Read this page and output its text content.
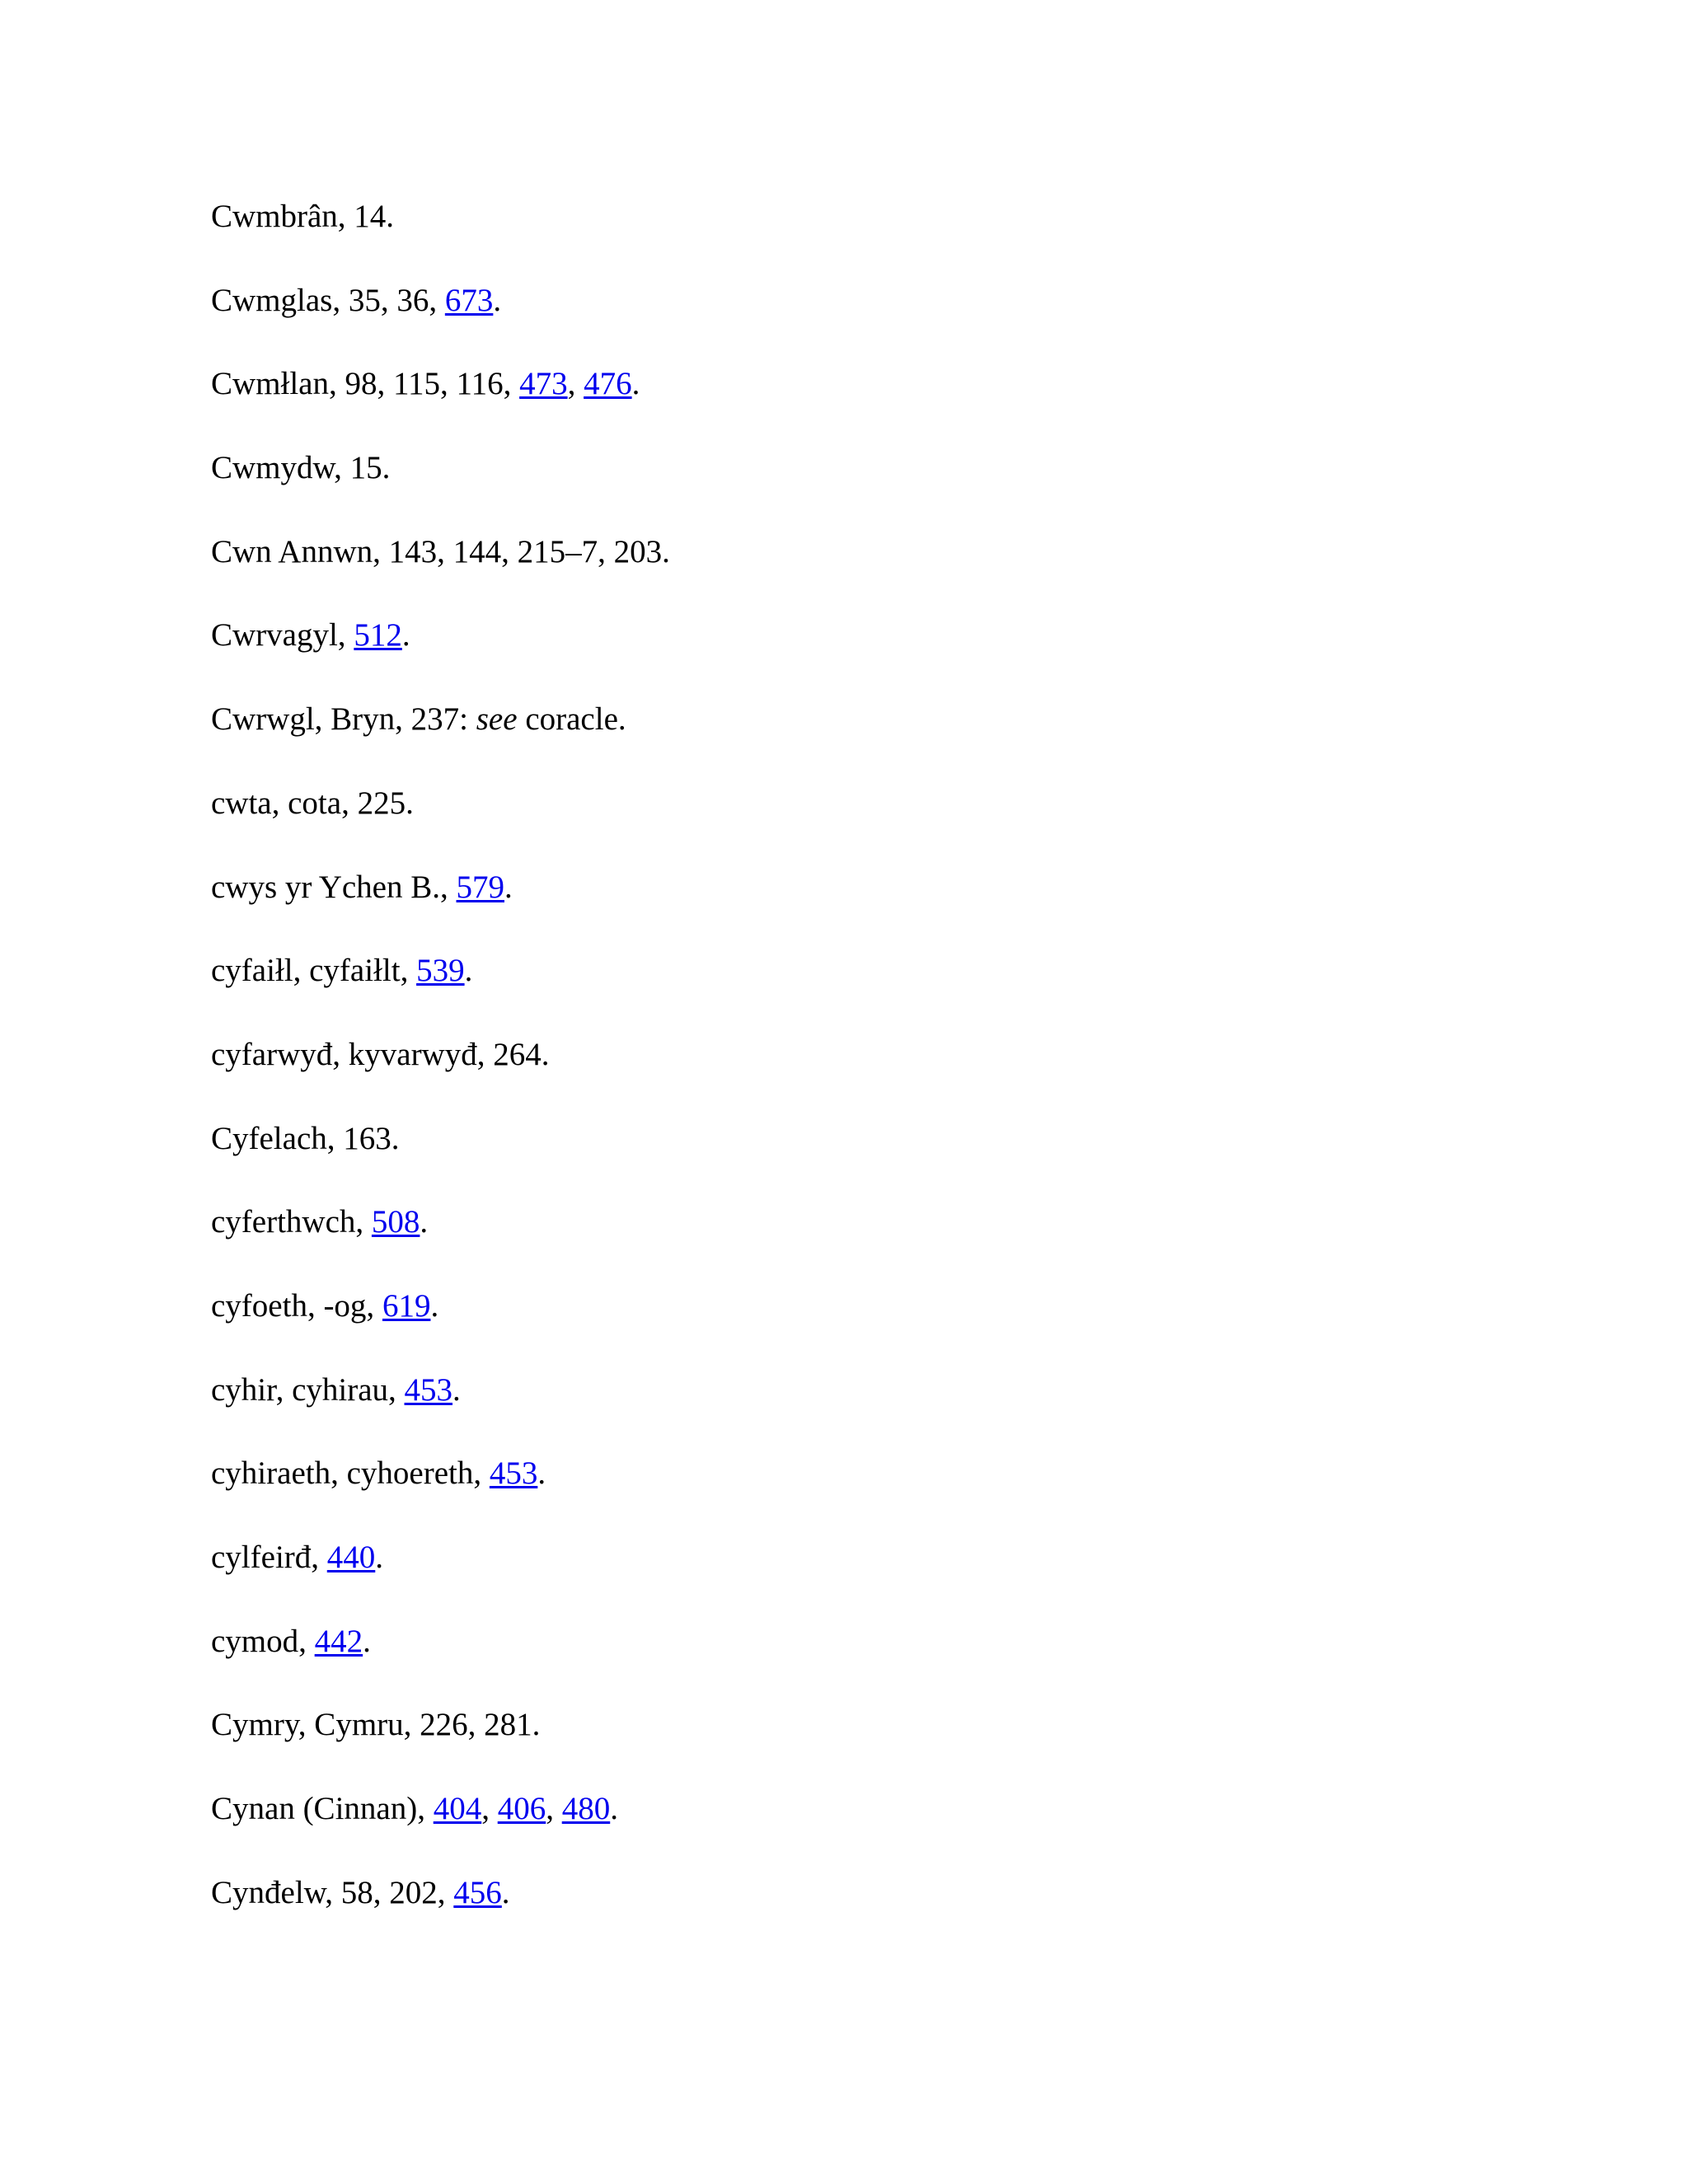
Cwmbrân, 14.
Cwmglas, 35, 36, 673.
Cwmłlan, 98, 115, 116, 473, 476.
Cwmydw, 15.
Cwn Annwn, 143, 144, 215–7, 203.
Cwrvagyl, 512.
Cwrwgl, Bryn, 237: see coracle.
cwta, cota, 225.
cwys yr Ychen B., 579.
cyfaiłl, cyfaiłlt, 539.
cyfarwyđ, kyvarwyđ, 264.
Cyfelach, 163.
cyferthwch, 508.
cyfoeth, -og, 619.
cyhir, cyhirau, 453.
cyhiraeth, cyhoereth, 453.
cylfeirđ, 440.
cymod, 442.
Cymry, Cymru, 226, 281.
Cynan (Cinnan), 404, 406, 480.
Cynđelw, 58, 202, 456.
